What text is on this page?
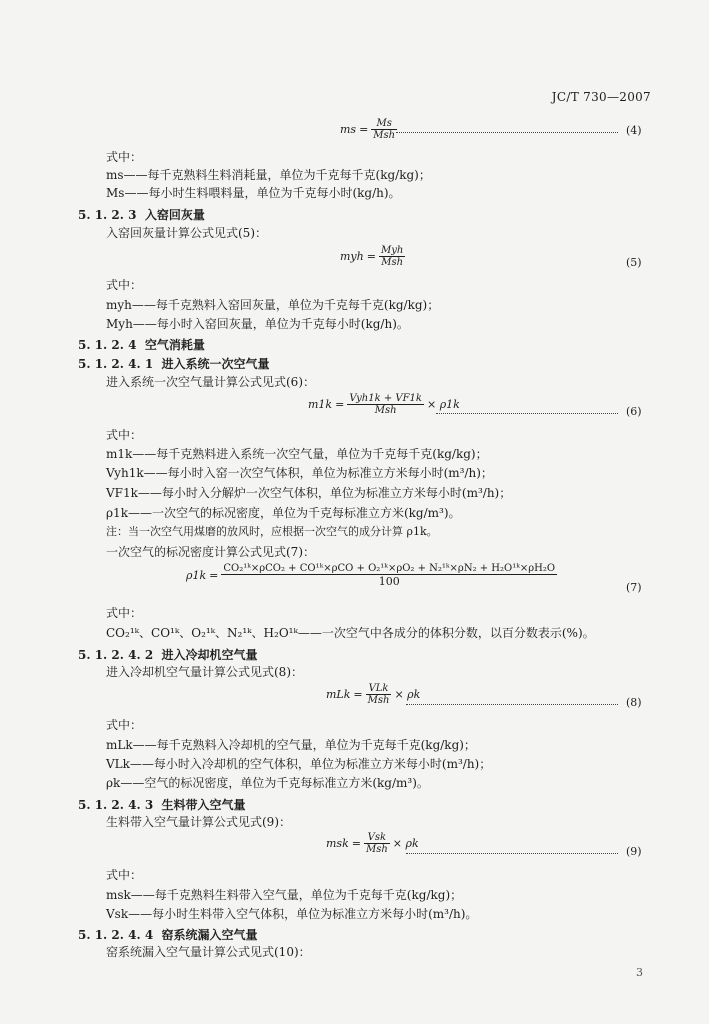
JC/T 730—2007
ms = $\frac{Ms}{\text{Msh}}$	(4)
式中：
ms——每千克熟料生料消耗量，单位为千克每千克(kg/kg)；
Ms——每小时生料喂料量，单位为千克每小时(kg/h)。
5. 1. 2. 3 入窑回灰量
入窑回灰量计算公式见式(5)：
myh = $\frac{\text{Myh}}{\text{Msh}}$	(5)
式中：
myh——每千克熟料入窑回灰量，单位为千克每千克(kg/kg)；
Myh——每小时入窑回灰量，单位为千克每小时(kg/h)。
5. 1. 2. 4 空气消耗量
5. 1. 2. 4. 1 进入系统一次空气量
进入系统一次空气量计算公式见式(6)：
$m1k = \frac{\text{Vyh1k + VF1k}}{\text{Msh}} \times \rho 1k$
(6)
式中：
m1k——每千克熟料进入系统一次空气量，单位为千克每千克(kg/kg)；
Vyh1k——每小时入窑一次空气体积，单位为标准立方米每小时(m³/h)；
VF1k——每小时入分解炉一次空气体积，单位为标准立方米每小时(m³/h)；
ρ1k——一次空气的标况密度，单位为千克每标准立方米(kg/m³)。
注：当一次空气用煤磨的放风时，应根据一次空气的成分计算 ρ1k。
一次空气的标况密度计算公式见式(7)：
$\rho 1k = \frac{\text{CO₂¹ᵏ×ρCO₂ + CO¹ᵏ×ρCO + O₂¹ᵏ×ρO₂ + N₂¹ᵏ×ρN₂ + H₂O¹ᵏ×ρH₂O}}{100}$	(7)
式中：
CO₂¹ᵏ、CO¹ᵏ、O₂¹ᵏ、N₂¹ᵏ、H₂O¹ᵏ——一次空气中各成分的体积分数，以百分数表示(%)。
5. 1. 2. 4. 2 进入冷却机空气量
进入冷却机空气量计算公式见式(8)：
mLk = $\frac{\text{VLk}}{\text{Msh}} \times \rho k$
(8)
式中：
mLk——每千克熟料入冷却机的空气量，单位为千克每千克(kg/kg)；
VLk——每小时入冷却机的空气体积，单位为标准立方米每小时(m³/h)；
ρk——空气的标况密度，单位为千克每标准立方米(kg/m³)。
5. 1. 2. 4. 3 生料带入空气量
生料带入空气量计算公式见式(9)：
msk = $\frac{\text{Vsk}}{\text{Msh}} \times \rho k$
(9)
式中：
msk——每千克熟料生料带入空气量，单位为千克每千克(kg/kg)；
Vsk——每小时生料带入空气体积，单位为标准立方米每小时(m³/h)。
5. 1. 2. 4. 4 窑系统漏入空气量
窑系统漏入空气量计算公式见式(10)：
3
